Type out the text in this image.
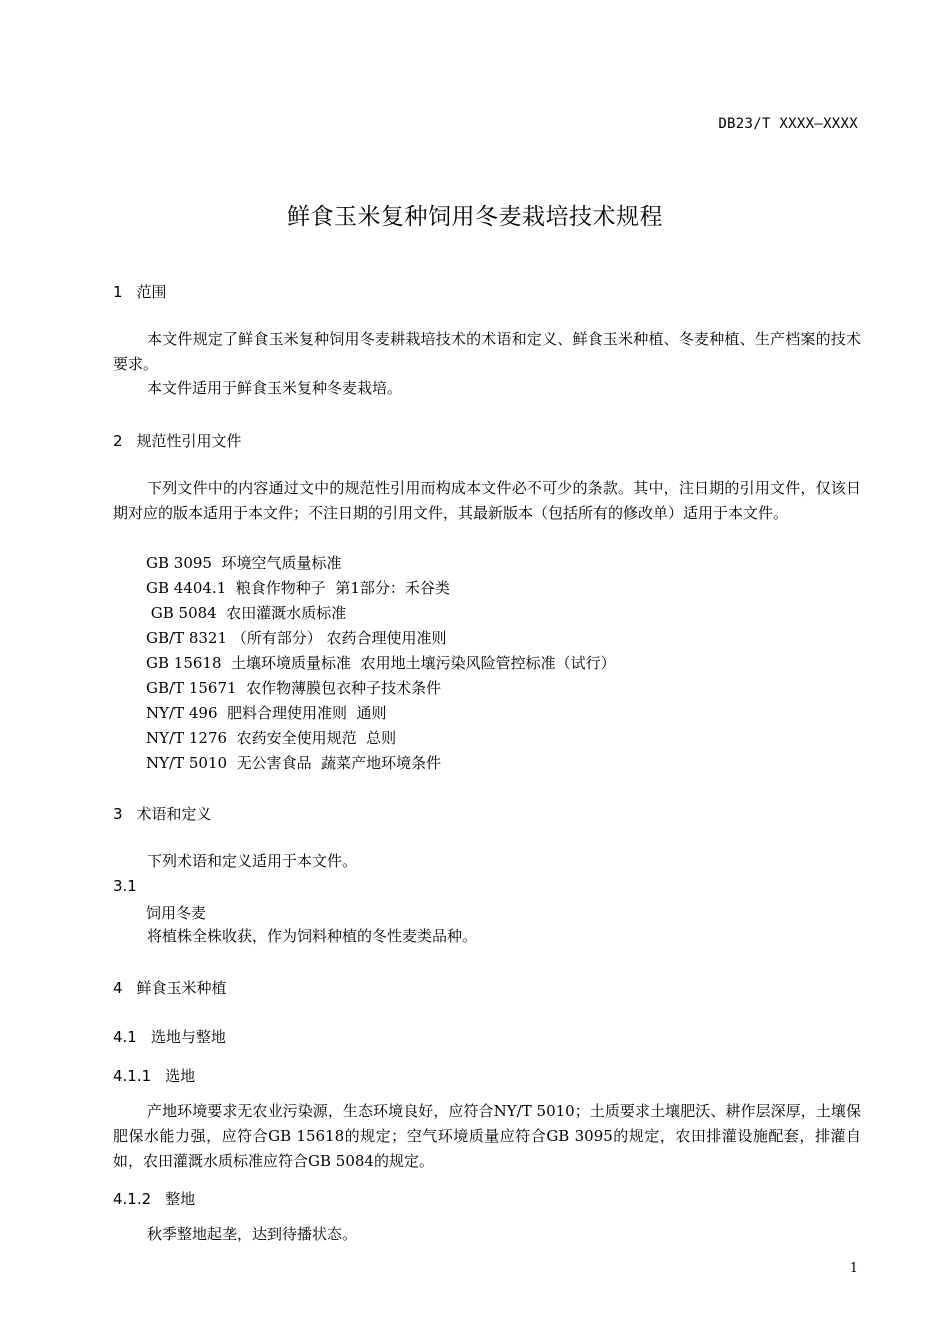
DB23/T XXXX—XXXX
鲜食玉米复种饲用冬麦栽培技术规程
1 范围
本文件规定了鲜食玉米复种饲用冬麦耕栽培技术的术语和定义、鲜食玉米种植、冬麦种植、生产档案的技术要求。
本文件适用于鲜食玉米复种冬麦栽培。
2 规范性引用文件
下列文件中的内容通过文中的规范性引用而构成本文件必不可少的条款。其中，注日期的引用文件，仅该日期对应的版本适用于本文件；不注日期的引用文件，其最新版本（包括所有的修改单）适用于本文件。
GB 3095  环境空气质量标准
GB 4404.1  粮食作物种子  第1部分：禾谷类
GB 5084  农田灌溉水质标准
GB/T 8321 （所有部分） 农药合理使用准则
GB 15618  土壤环境质量标准  农用地土壤污染风险管控标准（试行）
GB/T 15671  农作物薄膜包衣种子技术条件
NY/T 496  肥料合理使用准则  通则
NY/T 1276  农药安全使用规范  总则
NY/T 5010  无公害食品  蔬菜产地环境条件
3 术语和定义
下列术语和定义适用于本文件。
3.1
饲用冬麦
将植株全株收获，作为饲料种植的冬性麦类品种。
4 鲜食玉米种植
4.1 选地与整地
4.1.1 选地
产地环境要求无农业污染源，生态环境良好，应符合NY/T 5010；土质要求土壤肥沃、耕作层深厚，土壤保肥保水能力强，应符合GB 15618的规定；空气环境质量应符合GB 3095的规定，农田排灌设施配套，排灌自如，农田灌溉水质标准应符合GB 5084的规定。
4.1.2 整地
秋季整地起垄，达到待播状态。
1
